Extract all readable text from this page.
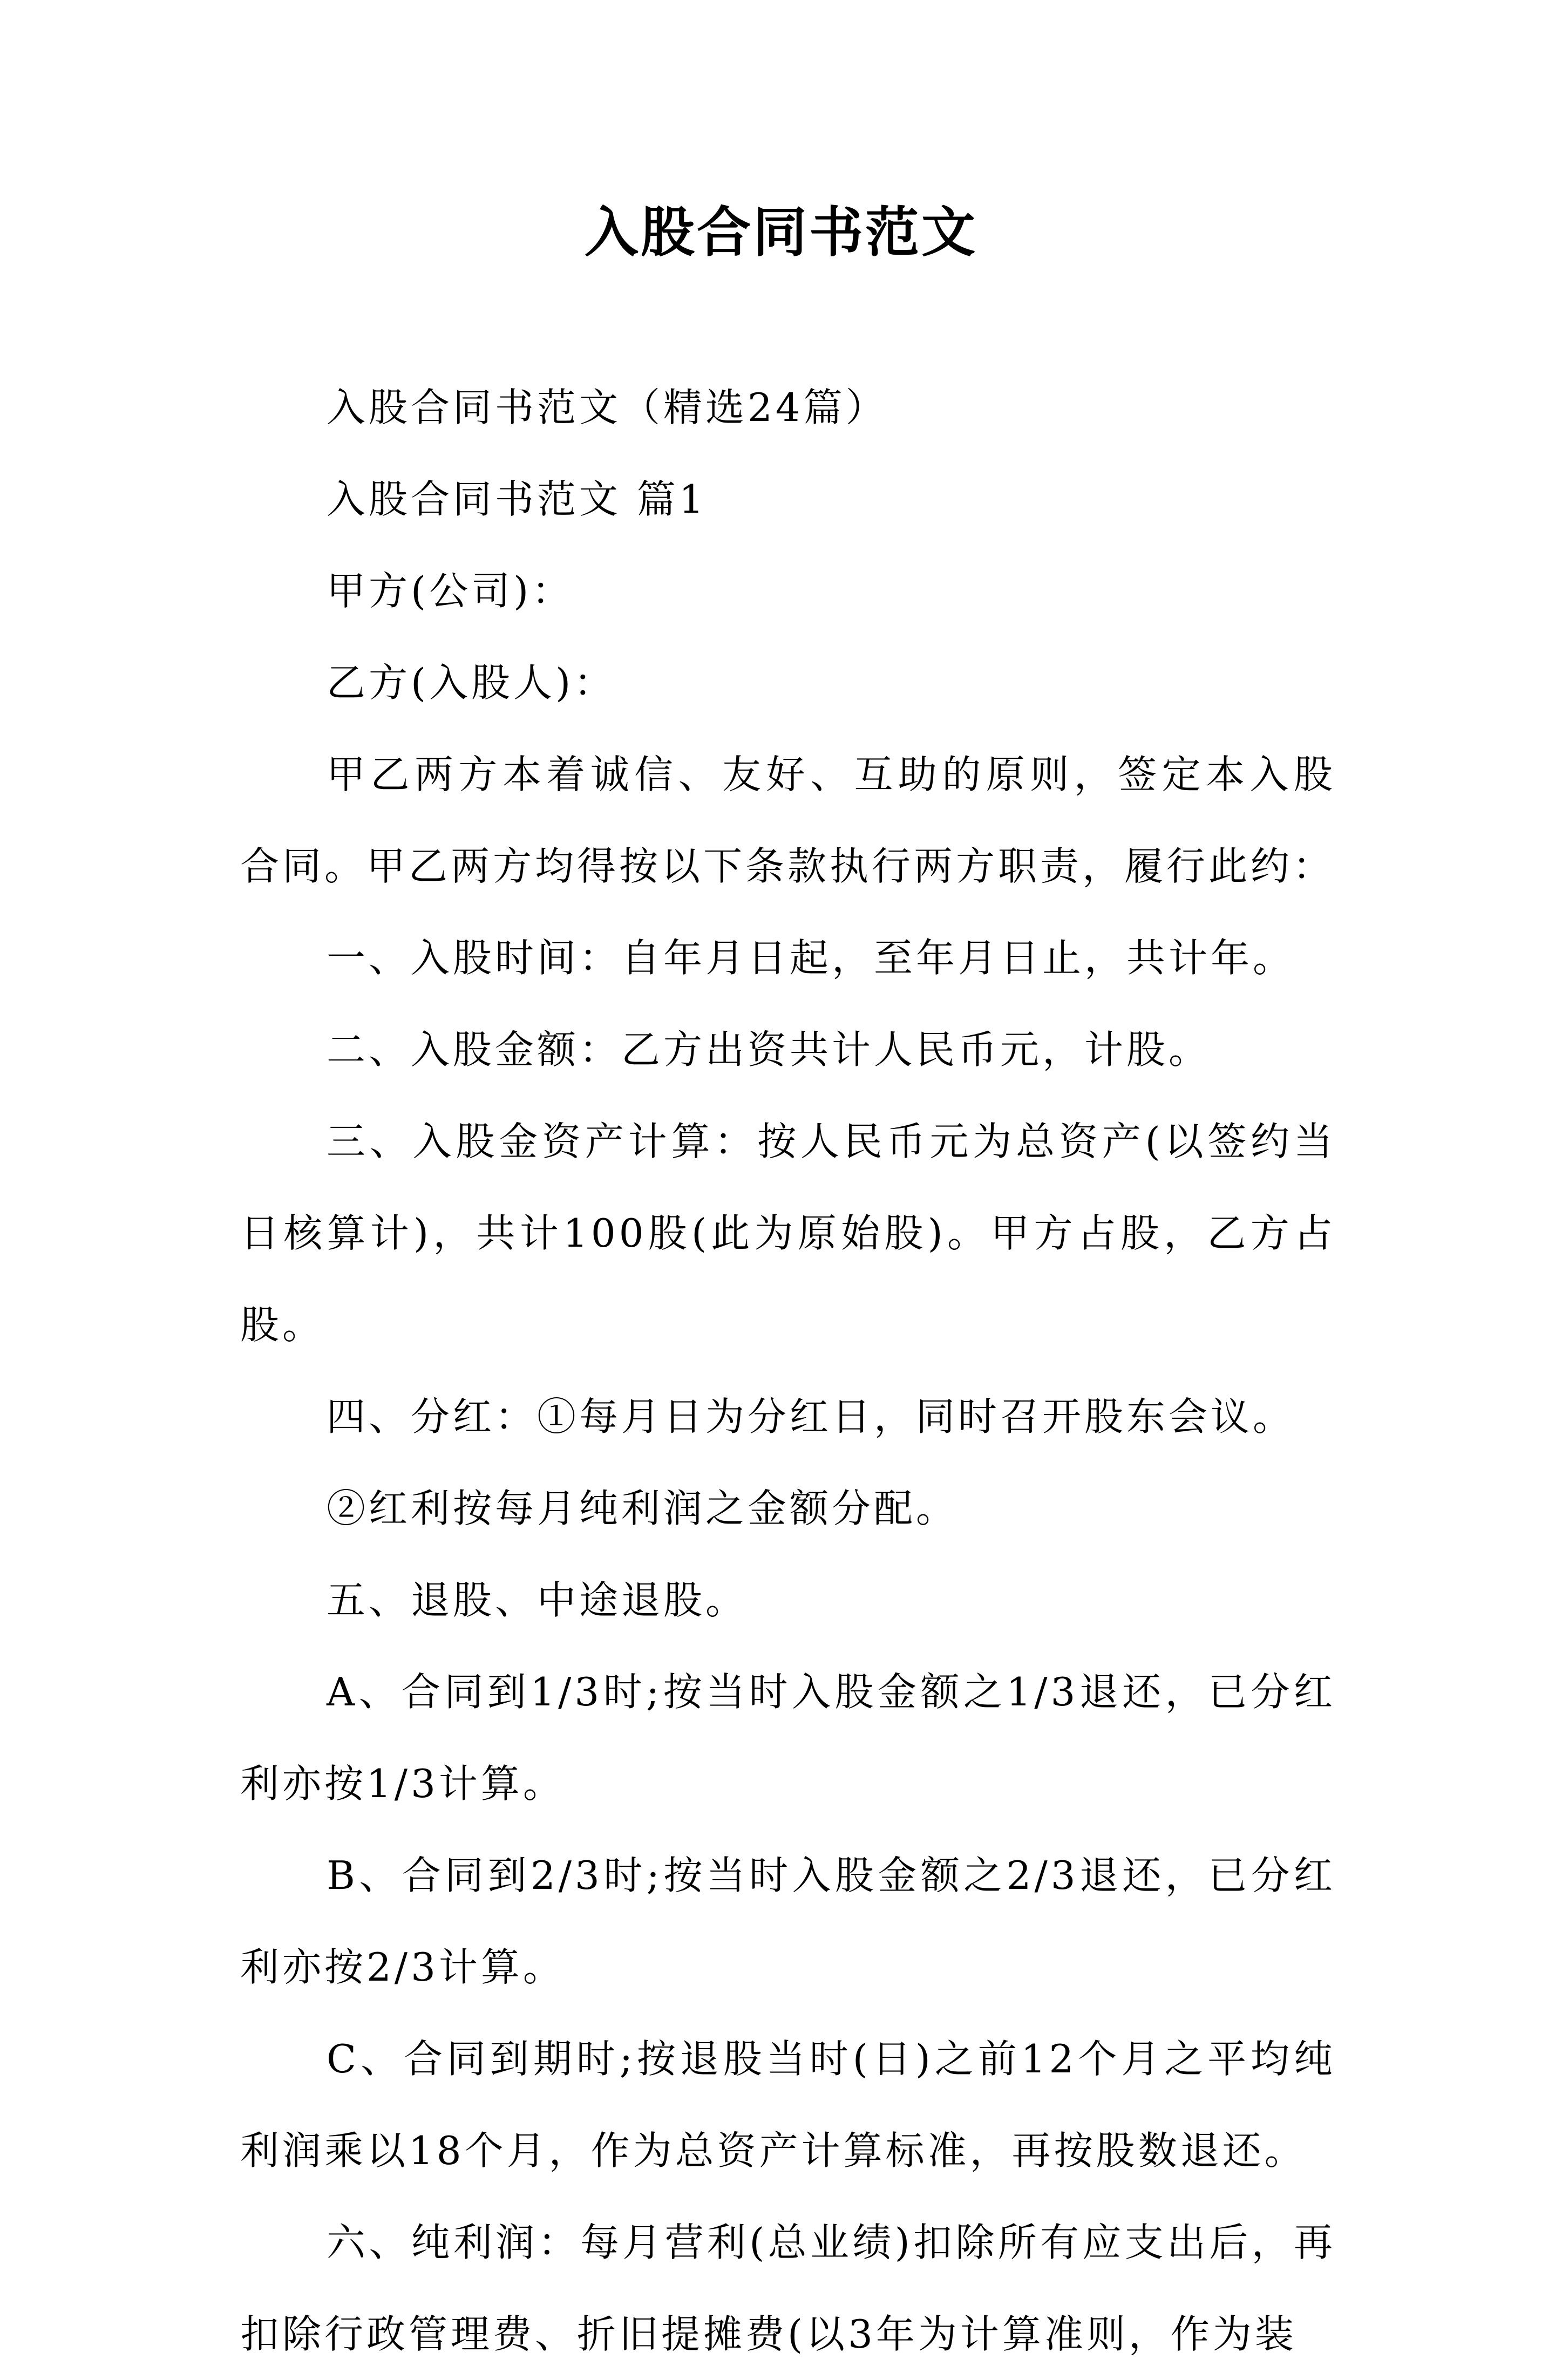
入股合同书范文

入股合同书范文（精选24篇）

入股合同书范文 篇1

甲方(公司)：

乙方(入股人)：

甲乙两方本着诚信、友好、互助的原则，签定本入股合同。甲乙两方均得按以下条款执行两方职责，履行此约：

一、入股时间：自年月日起，至年月日止，共计年。

二、入股金额：乙方出资共计人民币元，计股。

三、入股金资产计算：按人民币元为总资产(以签约当日核算计)，共计100股(此为原始股)。甲方占股，乙方占股。

四、分红：①每月日为分红日，同时召开股东会议。

②红利按每月纯利润之金额分配。

五、退股、中途退股。

A、合同到1/3时;按当时入股金额之1/3退还，已分红利亦按1/3计算。

B、合同到2/3时;按当时入股金额之2/3退还，已分红利亦按2/3计算。

C、合同到期时;按退股当时(日)之前12个月之平均纯利润乘以18个月，作为总资产计算标准，再按股数退还。

六、纯利润：每月营利(总业绩)扣除所有应支出后，再扣除行政管理费、折旧提摊费(以3年为计算准则，作为装
